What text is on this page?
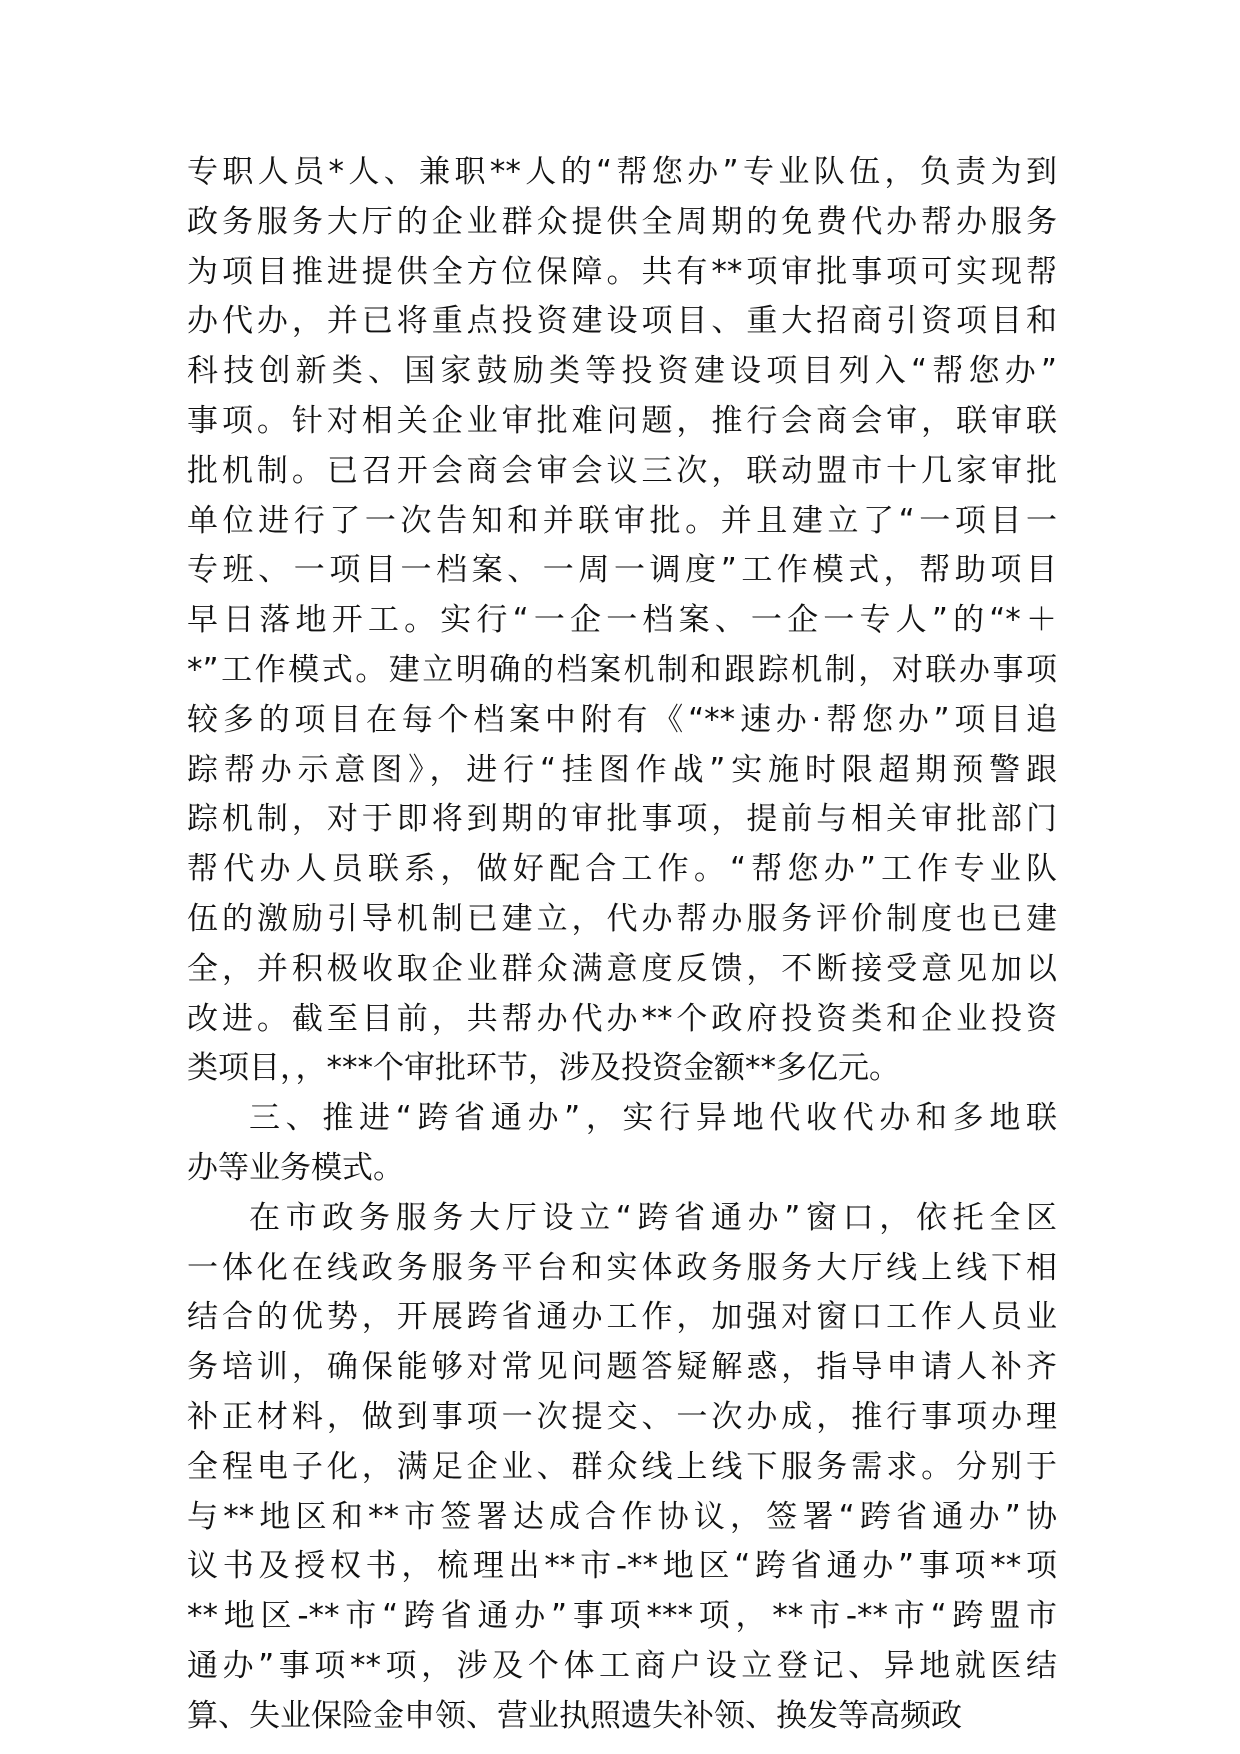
专职人员*人、兼职**人的“帮您办”专业队伍，负责为到
政务服务大厅的企业群众提供全周期的免费代办帮办服务
为项目推进提供全方位保障。共有**项审批事项可实现帮
办代办，并已将重点投资建设项目、重大招商引资项目和
科技创新类、国家鼓励类等投资建设项目列入“帮您办”
事项。针对相关企业审批难问题，推行会商会审，联审联
批机制。已召开会商会审会议三次，联动盟市十几家审批
单位进行了一次告知和并联审批。并且建立了“一项目一
专班、一项目一档案、一周一调度”工作模式，帮助项目
早日落地开工。实行“一企一档案、一企一专人”的“*＋
*”工作模式。建立明确的档案机制和跟踪机制，对联办事项
较多的项目在每个档案中附有《“**速办·帮您办”项目追
踪帮办示意图》，进行“挂图作战”实施时限超期预警跟
踪机制，对于即将到期的审批事项，提前与相关审批部门
帮代办人员联系，做好配合工作。“帮您办”工作专业队
伍的激励引导机制已建立，代办帮办服务评价制度也已建
全，并积极收取企业群众满意度反馈，不断接受意见加以
改进。截至目前，共帮办代办**个政府投资类和企业投资
类项目，，***个审批环节，涉及投资金额**多亿元。
三、推进“跨省通办”，实行异地代收代办和多地联
办等业务模式。
在市政务服务大厅设立“跨省通办”窗口，依托全区
一体化在线政务服务平台和实体政务服务大厅线上线下相
结合的优势，开展跨省通办工作，加强对窗口工作人员业
务培训，确保能够对常见问题答疑解惑，指导申请人补齐
补正材料，做到事项一次提交、一次办成，推行事项办理
全程电子化，满足企业、群众线上线下服务需求。分别于
与**地区和**市签署达成合作协议，签署“跨省通办”协
议书及授权书，梳理出**市-**地区“跨省通办”事项**项
**地区-**市“跨省通办”事项***项，**市-**市“跨盟市
通办”事项**项，涉及个体工商户设立登记、异地就医结
算、失业保险金申领、营业执照遗失补领、换发等高频政
